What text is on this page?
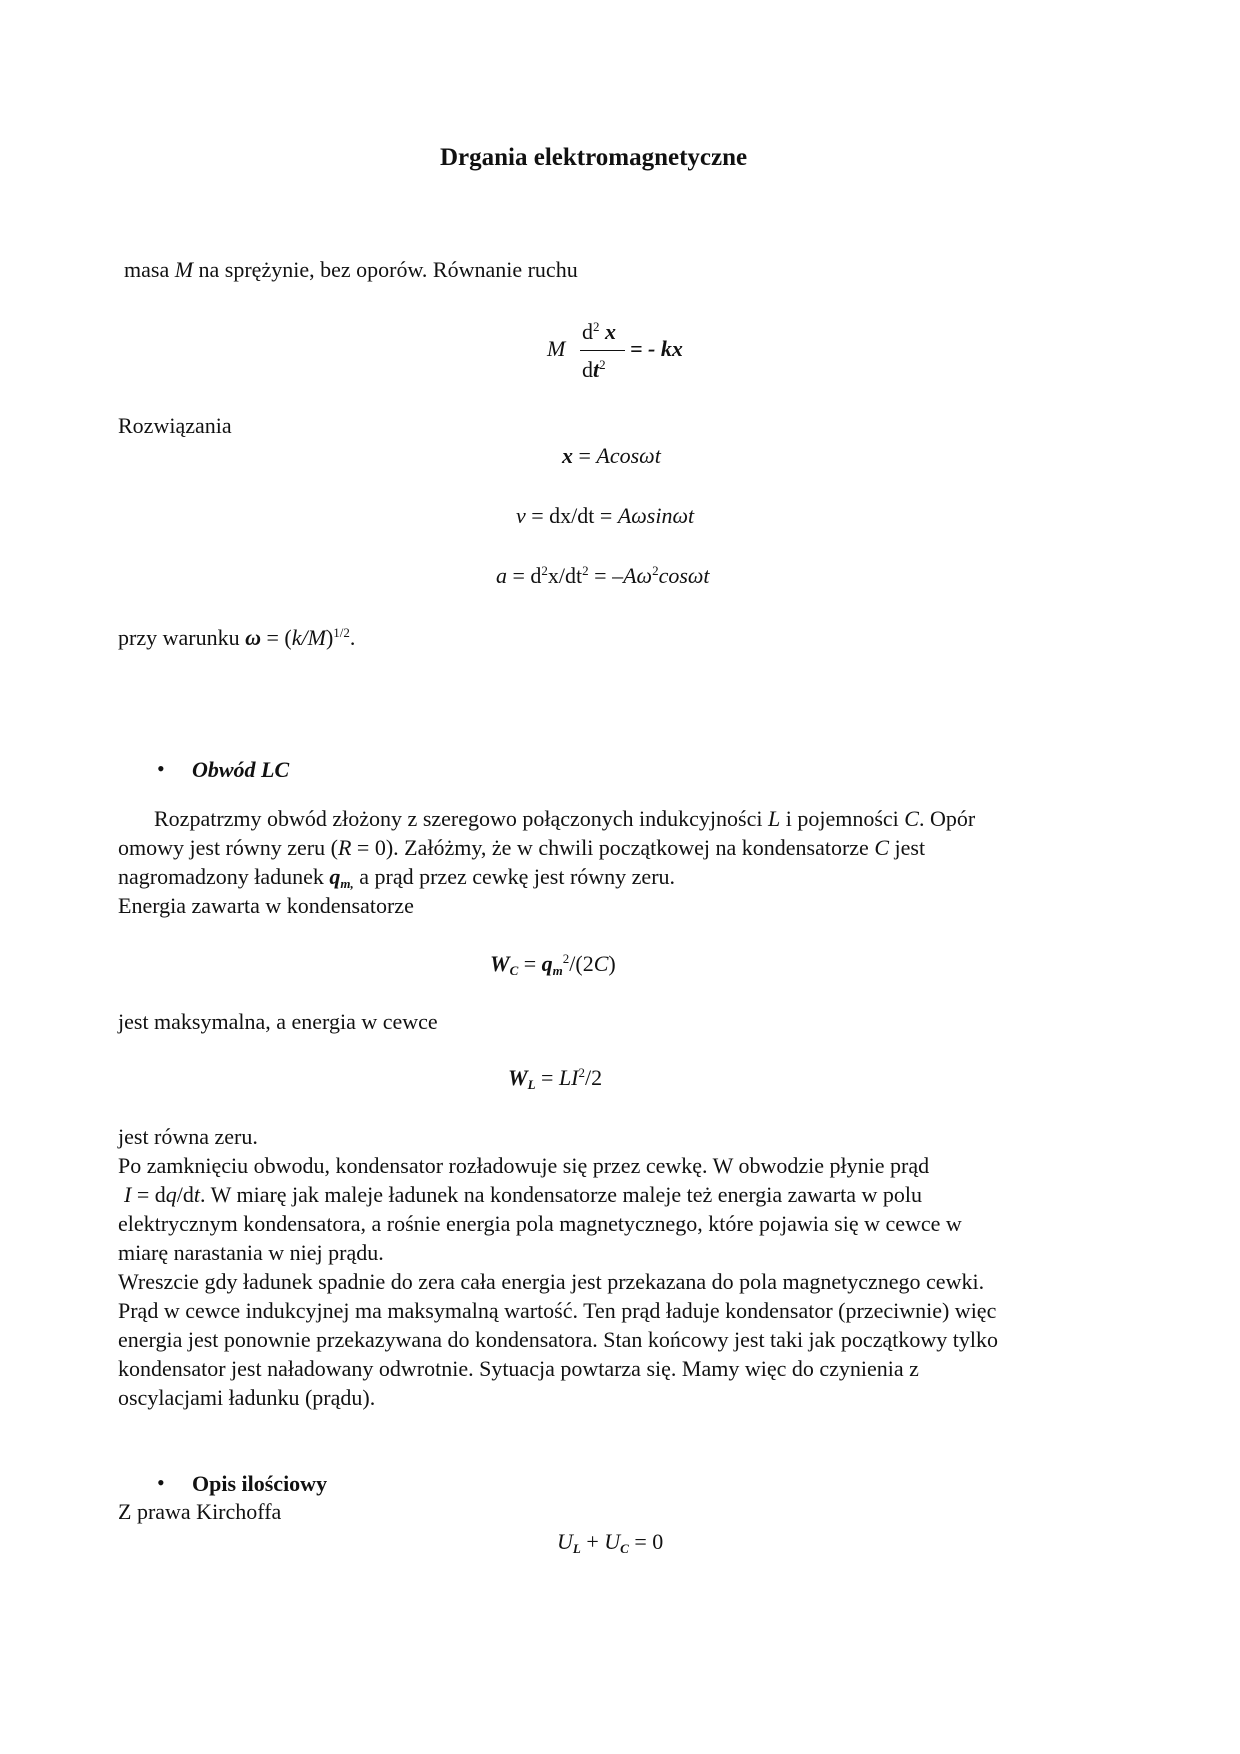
Drgania elektromagnetyczne
masa M na sprężynie, bez oporów. Równanie ruchu
M
$d^2$ x
$dt^2$
= - kx
Rozwiązania
x = Acosωt
v = dx/dt = Aωsinωt
$a = d^2x/dt^2 = -A\omega^2\cos\omega t$
przy warunku $\omega = (k/M)^{1/2}$.
• Obwód LC
Rozpatrzmy obwód złożony z szeregowo połączonych indukcyjności L i pojemności C. Opór
omowy jest równy zeru (R = 0). Załóżmy, że w chwili początkowej na kondensatorze C jest
nagromadzony ładunek $q_{m,}$ a prąd przez cewkę jest równy zeru.
Energia zawarta w kondensatorze
$W_C = q_m^2/(2C)$
jest maksymalna, a energia w cewce
$W_L = LI^2/2$
jest równa zeru.
Po zamknięciu obwodu, kondensator rozładowuje się przez cewkę. W obwodzie płynie prąd
I = dq/dt. W miarę jak maleje ładunek na kondensatorze maleje też energia zawarta w polu
elektrycznym kondensatora, a rośnie energia pola magnetycznego, które pojawia się w cewce w
miarę narastania w niej prądu.
Wreszcie gdy ładunek spadnie do zera cała energia jest przekazana do pola magnetycznego cewki.
Prąd w cewce indukcyjnej ma maksymalną wartość. Ten prąd ładuje kondensator (przeciwnie) więc
energia jest ponownie przekazywana do kondensatora. Stan końcowy jest taki jak początkowy tylko
kondensator jest naładowany odwrotnie. Sytuacja powtarza się. Mamy więc do czynienia z
oscylacjami ładunku (prądu).
• Opis ilościowy
Z prawa Kirchoffa
$U_L + U_C = 0$
